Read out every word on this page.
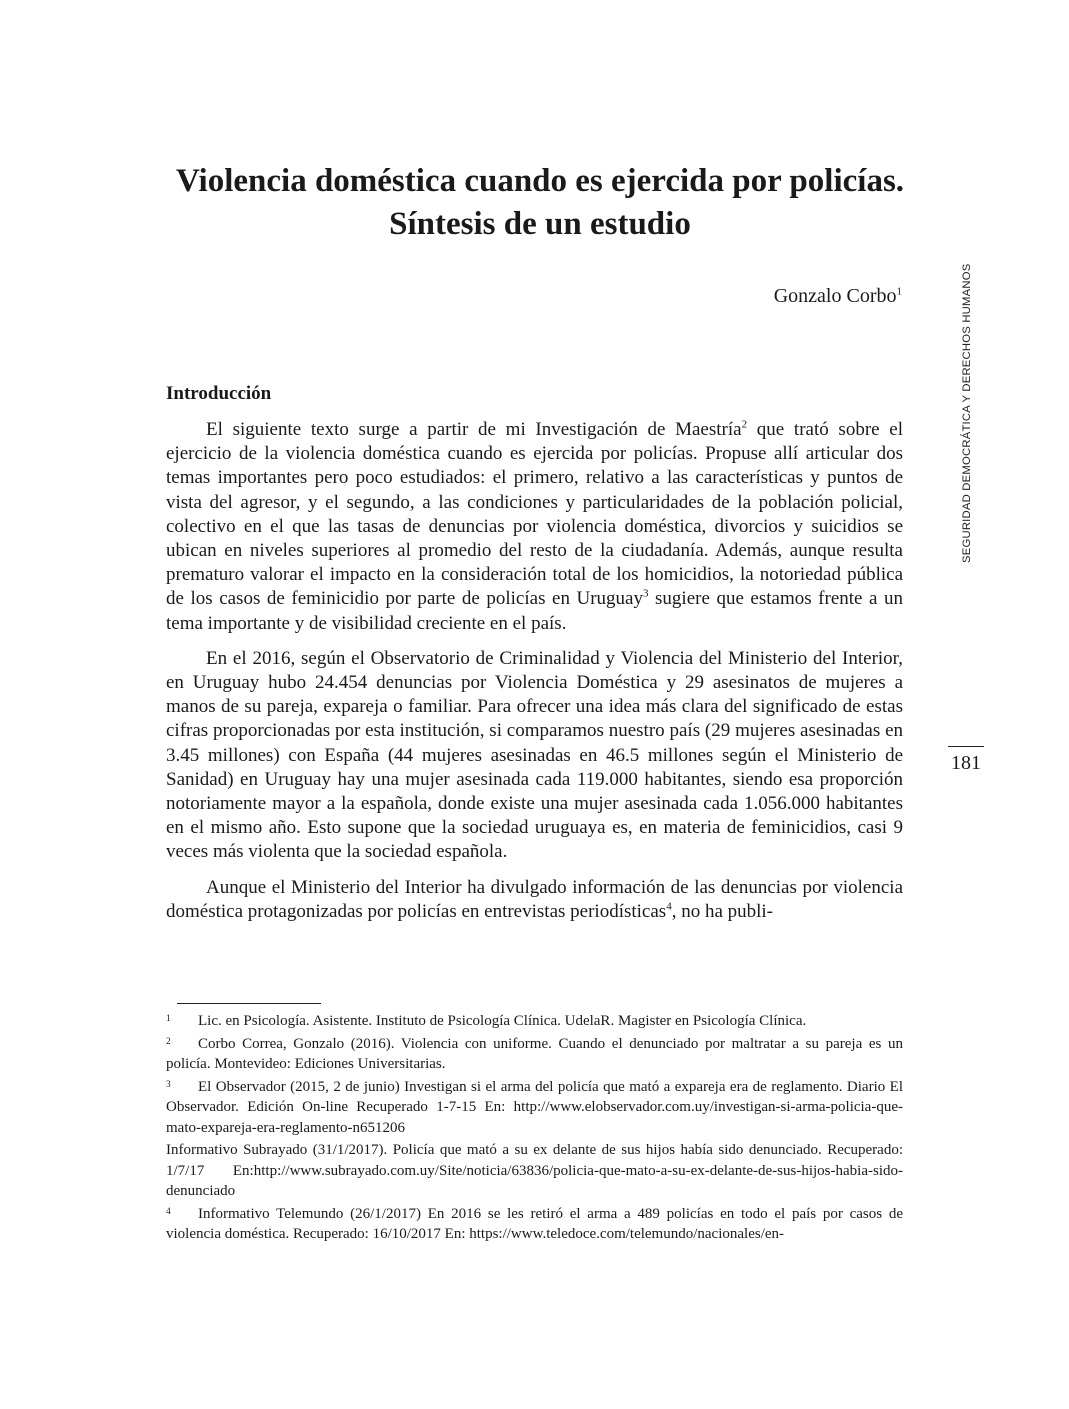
Violencia doméstica cuando es ejercida por policías.
Síntesis de un estudio
Gonzalo Corbo$^1$	SEGURIDAD DEMOCRÁTICA Y DERECHOS HUMANOS
181
Introducción

El siguiente texto surge a partir de mi Investigación de Maestría$^2$ que trató sobre el ejercicio de la violencia doméstica cuando es ejercida por policías. Propuse allí articular dos temas importantes pero poco estudiados: el primero, relativo a las características y puntos de vista del agresor, y el segundo, a las condiciones y particularidades de la población policial, colectivo en el que las tasas de denuncias por violencia doméstica, divorcios y suicidios se ubican en niveles superiores al promedio del resto de la ciudadanía. Además, aunque resulta prematuro valorar el impacto en la consideración total de los homicidios, la notoriedad pública de los casos de feminicidio por parte de policías en Uruguay$^3$ sugiere que estamos frente a un tema importante y de visibilidad creciente en el país.

En el 2016, según el Observatorio de Criminalidad y Violencia del Ministerio del Interior, en Uruguay hubo 24.454 denuncias por Violencia Doméstica y 29 asesinatos de mujeres a manos de su pareja, expareja o familiar. Para ofrecer una idea más clara del significado de estas cifras proporcionadas por esta institución, si comparamos nuestro país (29 mujeres asesinadas en 3.45 millones) con España (44 mujeres asesinadas en 46.5 millones según el Ministerio de Sanidad) en Uruguay hay una mujer asesinada cada 119.000 habitantes, siendo esa proporción notoriamente mayor a la española, donde existe una mujer asesinada cada 1.056.000 habitantes en el mismo año. Esto supone que la sociedad uruguaya es, en materia de feminicidios, casi 9 veces más violenta que la sociedad española.

Aunque el Ministerio del Interior ha divulgado información de las denuncias por violencia doméstica protagonizadas por policías en entrevistas periodísticas$^4$, no ha publi-

1 Lic. en Psicología. Asistente. Instituto de Psicología Clínica. UdelaR. Magister en Psicología Clínica.

2 Corbo Correa, Gonzalo (2016). Violencia con uniforme. Cuando el denunciado por maltratar a su pareja es un policía. Montevideo: Ediciones Universitarias.

3 El Observador (2015, 2 de junio) Investigan si el arma del policía que mató a expareja era de reglamento. Diario El Observador. Edición On-line Recuperado 1-7-15 En: http://www.elobservador.com.uy/investigan-si-arma-policia-que-mato-expareja-era-reglamento-n651206

Informativo Subrayado (31/1/2017). Policía que mató a su ex delante de sus hijos había sido denunciado. Recuperado: 1/7/17 En:http://www.subrayado.com.uy/Site/noticia/63836/policia-que-mato-a-su-ex-delante-de-sus-hijos-habia-sido-denunciado

4 Informativo Telemundo (26/1/2017) En 2016 se les retiró el arma a 489 policías en todo el país por casos de violencia doméstica. Recuperado: 16/10/2017 En: https://www.teledoce.com/telemundo/nacionales/en-
